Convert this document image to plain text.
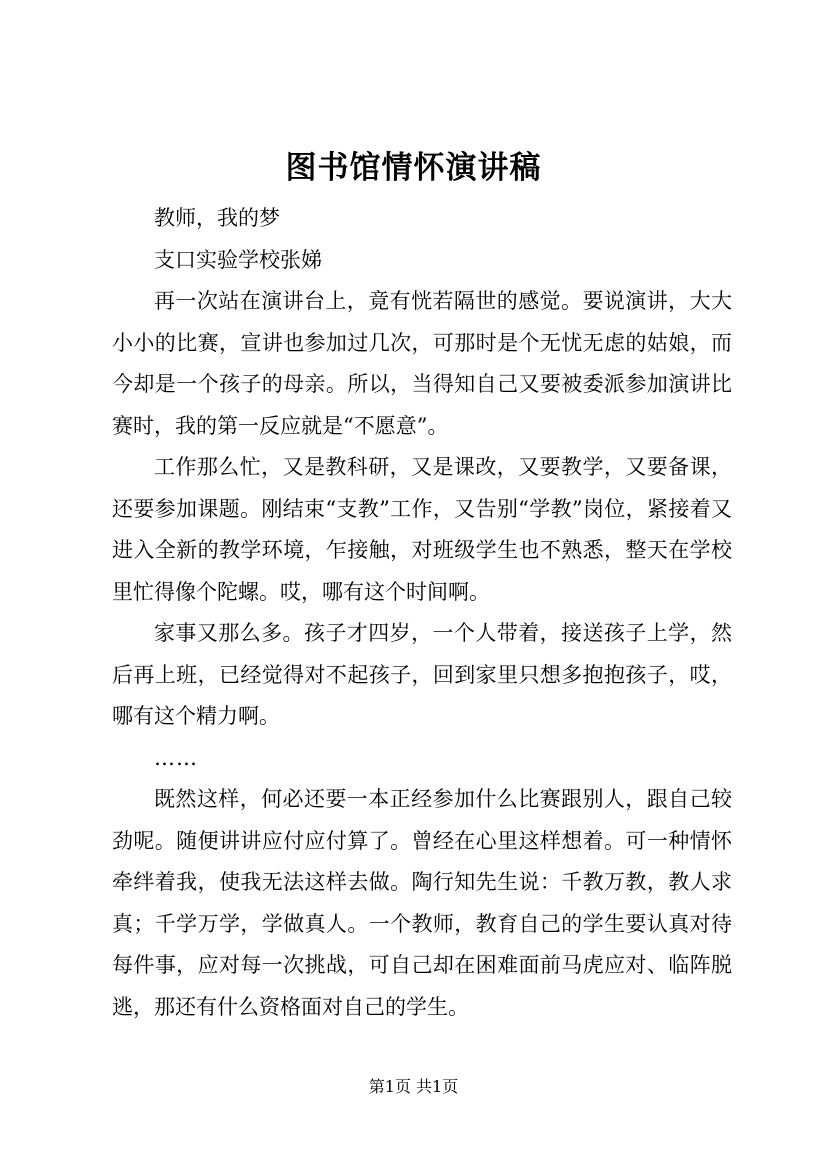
图书馆情怀演讲稿

教师，我的梦

支口实验学校张娣

再一次站在演讲台上，竟有恍若隔世的感觉。要说演讲，大大小小的比赛，宣讲也参加过几次，可那时是个无忧无虑的姑娘，而今却是一个孩子的母亲。所以，当得知自己又要被委派参加演讲比赛时，我的第一反应就是“不愿意”。

工作那么忙，又是教科研，又是课改，又要教学，又要备课，还要参加课题。刚结束“支教”工作，又告别“学教”岗位，紧接着又进入全新的教学环境，乍接触，对班级学生也不熟悉，整天在学校里忙得像个陀螺。哎，哪有这个时间啊。

家事又那么多。孩子才四岁，一个人带着，接送孩子上学，然后再上班，已经觉得对不起孩子，回到家里只想多抱抱孩子，哎，哪有这个精力啊。

……

既然这样，何必还要一本正经参加什么比赛跟别人，跟自己较劲呢。随便讲讲应付应付算了。曾经在心里这样想着。可一种情怀牵绊着我，使我无法这样去做。陶行知先生说：千教万教，教人求真；千学万学，学做真人。一个教师，教育自己的学生要认真对待每件事，应对每一次挑战，可自己却在困难面前马虎应对、临阵脱逃，那还有什么资格面对自己的学生。

第1页 共1页
